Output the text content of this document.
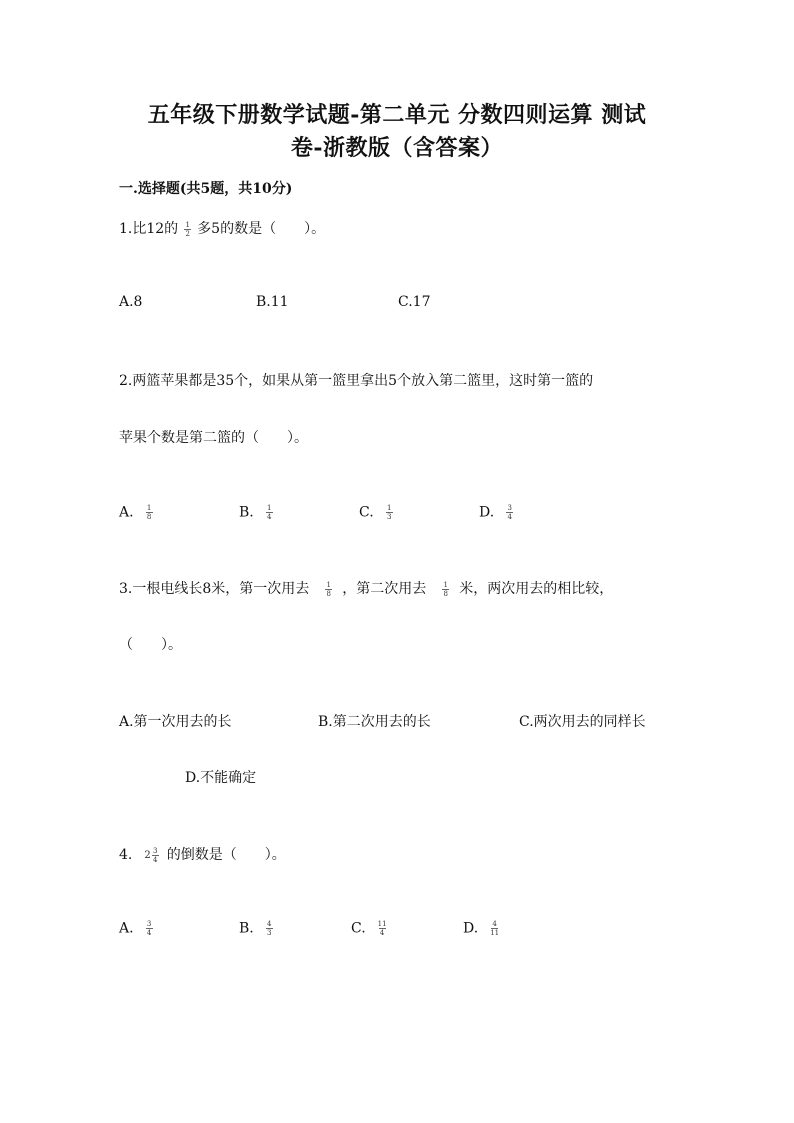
五年级下册数学试题-第二单元 分数四则运算 测试
卷-浙教版（含答案）
一.选择题(共5题，共10分)
1.比12的 $\frac{1}{2}$ 多5的数是（　　）。
A.8	B.11	C.17
2.两篮苹果都是35个，如果从第一篮里拿出5个放入第二篮里，这时第一篮的
苹果个数是第二篮的（　　）。
A. $\frac{1}{8}$	B. $\frac{1}{4}$	C. $\frac{1}{3}$	D. $\frac{3}{4}$
3.一根电线长8米，第一次用去 $\frac{1}{8}$ ，第二次用去 $\frac{1}{8}$ 米，两次用去的相比较，
（　　）。
A.第一次用去的长	B.第二次用去的长	C.两次用去的同样长
D.不能确定
4. $2 \frac{3}{4}$ 的倒数是（　　）。
A. $\frac{3}{4}$	B. $\frac{4}{3}$	C. $\frac{11}{4}$	D. $\frac{4}{11}$
